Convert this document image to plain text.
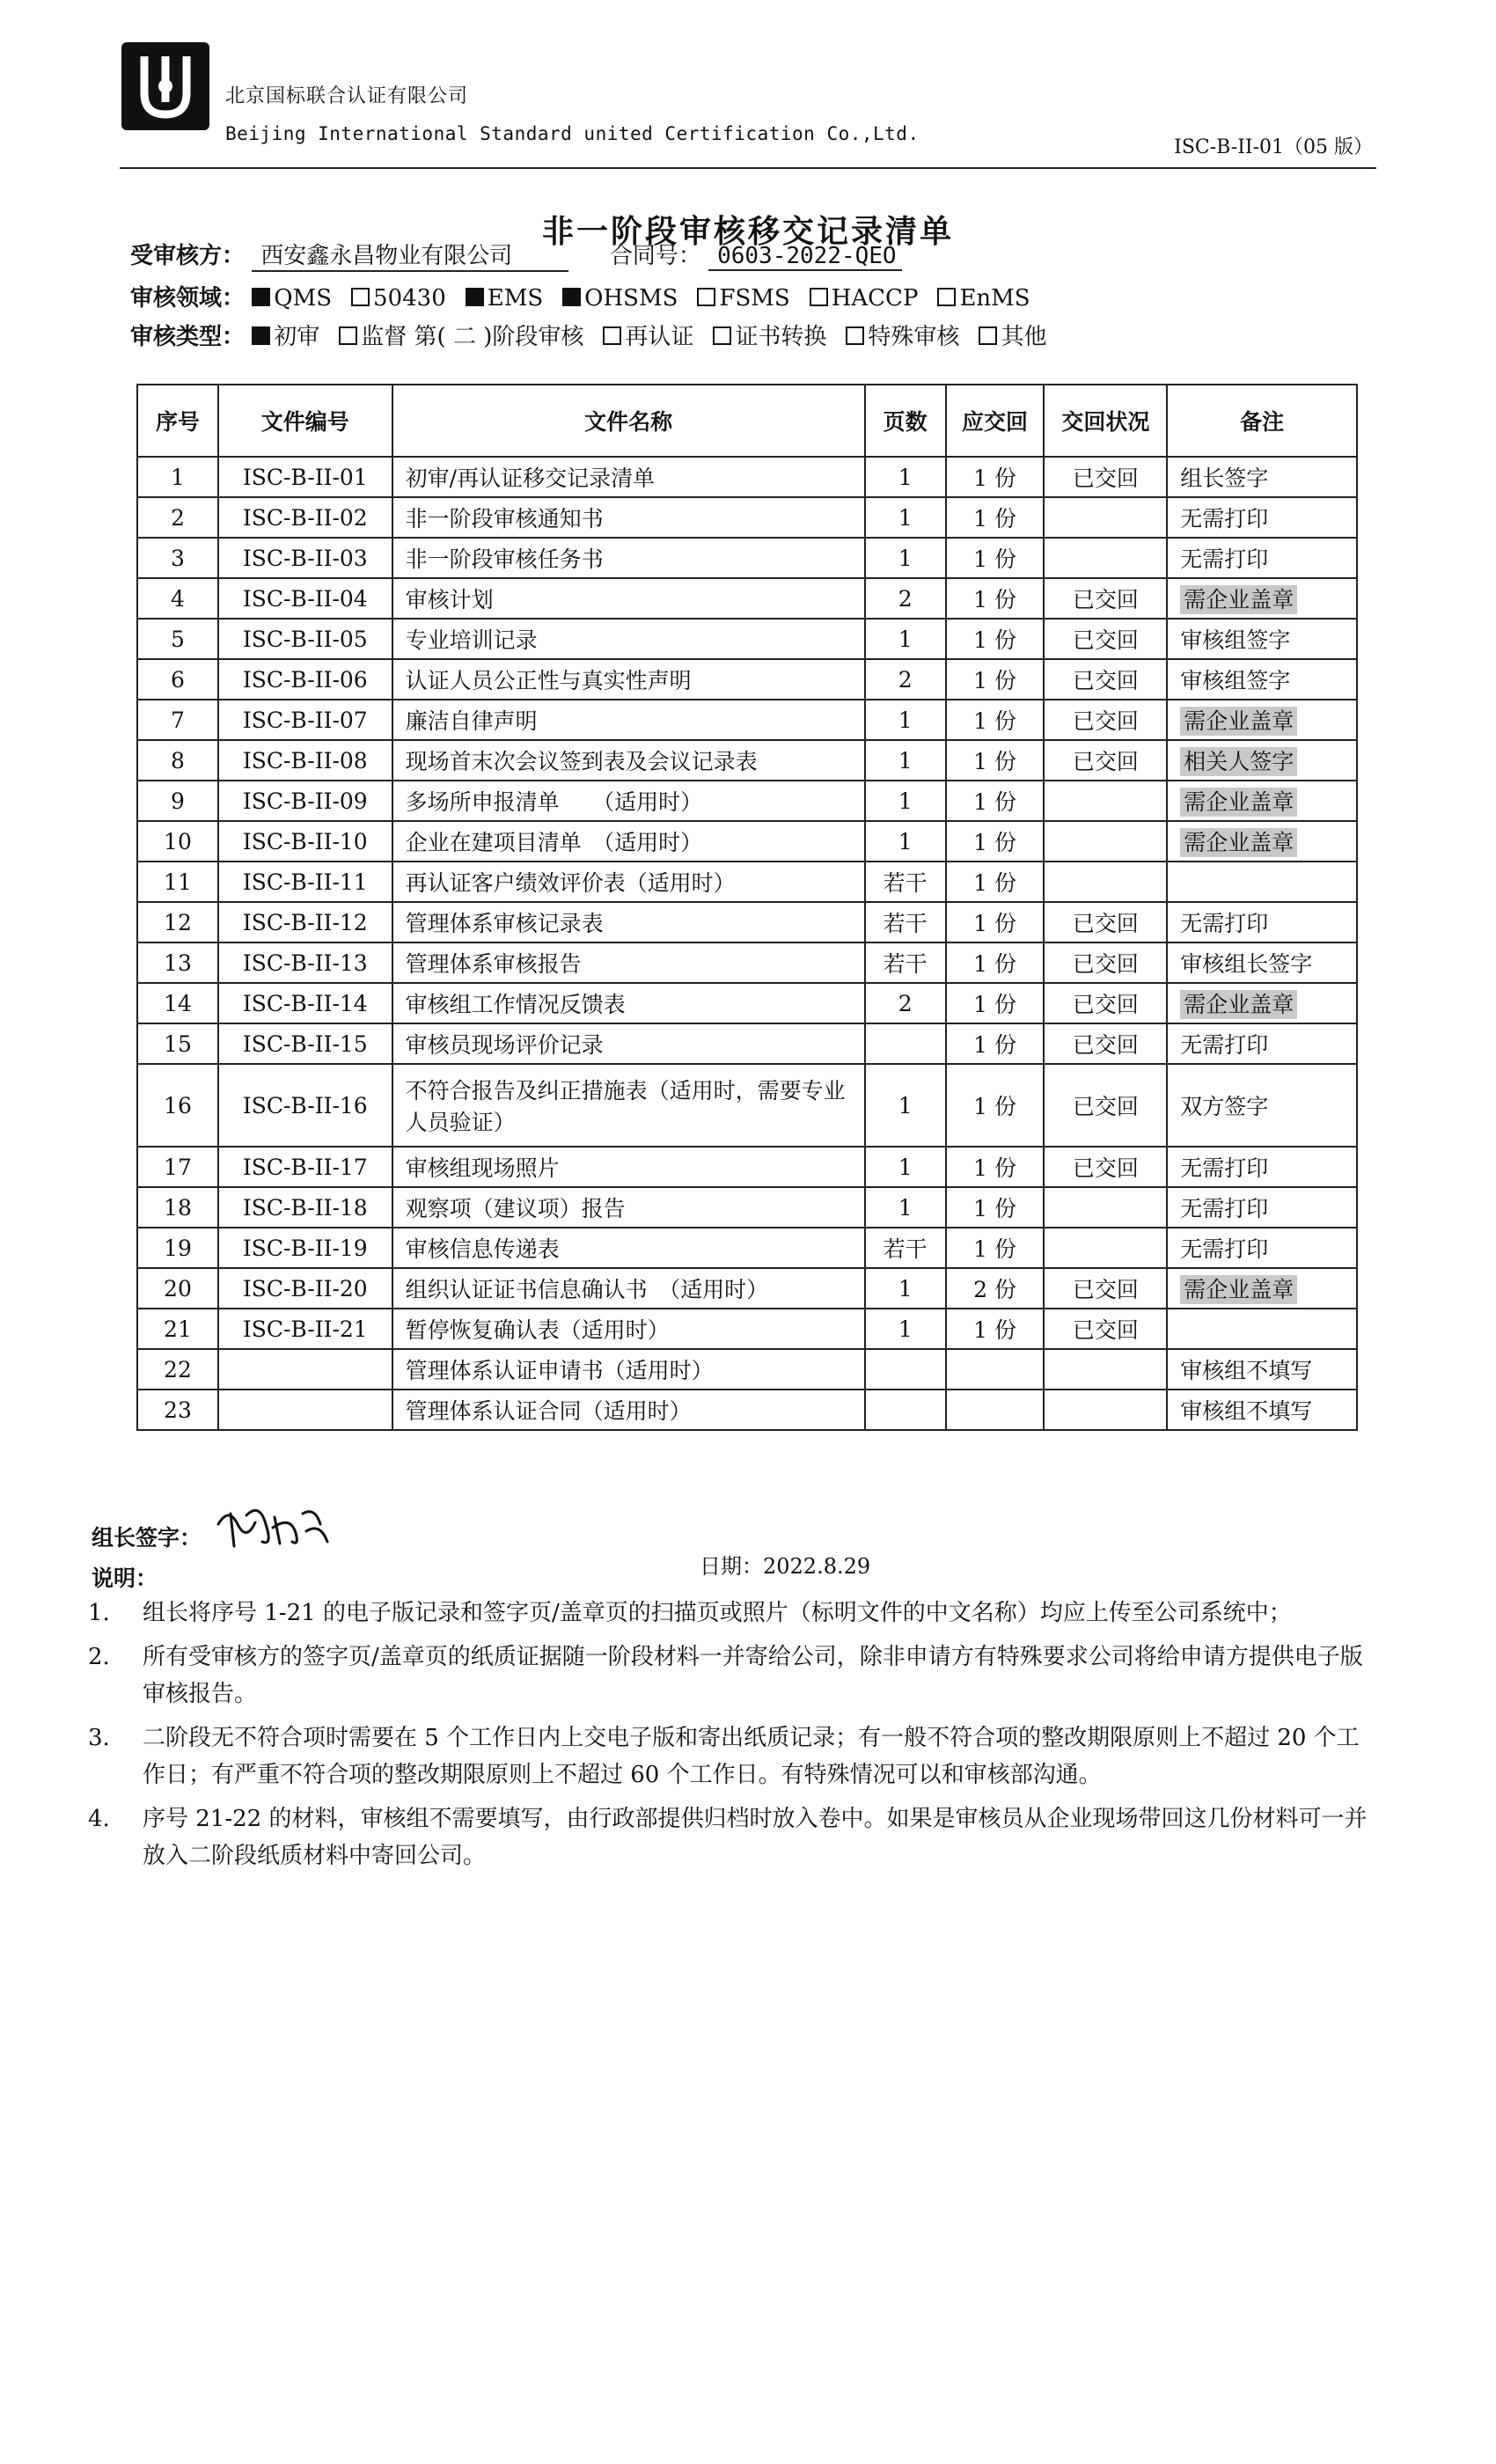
北京国标联合认证有限公司
Beijing International Standard united Certification Co.,Ltd.
ISC-B-II-01（05 版）
非一阶段审核移交记录清单
受审核方： 西安鑫永昌物业有限公司	合同号： 0603-2022-QEO
审核领域： QMS 50430 EMS OHSMS FSMS HACCP EnMS
审核类型： 初审 监督 第( 二 )阶段审核 再认证 证书转换 特殊审核 其他
序号	文件编号	文件名称	页数	应交回	交回状况	备注
1	ISC-B-II-01	初审/再认证移交记录清单	1	1 份	已交回	组长签字
2	ISC-B-II-02	非一阶段审核通知书	1	1 份		无需打印
3	ISC-B-II-03	非一阶段审核任务书	1	1 份		无需打印
4	ISC-B-II-04	审核计划	2	1 份	已交回	需企业盖章
5	ISC-B-II-05	专业培训记录	1	1 份	已交回	审核组签字
6	ISC-B-II-06	认证人员公正性与真实性声明	2	1 份	已交回	审核组签字
7	ISC-B-II-07	廉洁自律声明	1	1 份	已交回	需企业盖章
8	ISC-B-II-08	现场首末次会议签到表及会议记录表	1	1 份	已交回	相关人签字
9	ISC-B-II-09	多场所申报清单　　（适用时）	1	1 份		需企业盖章
10	ISC-B-II-10	企业在建项目清单　（适用时）	1	1 份		需企业盖章
11	ISC-B-II-11	再认证客户绩效评价表（适用时）	若干	1 份		
12	ISC-B-II-12	管理体系审核记录表	若干	1 份	已交回	无需打印
13	ISC-B-II-13	管理体系审核报告	若干	1 份	已交回	审核组长签字
14	ISC-B-II-14	审核组工作情况反馈表	2	1 份	已交回	需企业盖章
15	ISC-B-II-15	审核员现场评价记录		1 份	已交回	无需打印
16	ISC-B-II-16	不符合报告及纠正措施表（适用时，需要专业人员验证）	1	1 份	已交回	双方签字
17	ISC-B-II-17	审核组现场照片	1	1 份	已交回	无需打印
18	ISC-B-II-18	观察项（建议项）报告	1	1 份		无需打印
19	ISC-B-II-19	审核信息传递表	若干	1 份		无需打印
20	ISC-B-II-20	组织认证证书信息确认书　（适用时）	1	2 份	已交回	需企业盖章
21	ISC-B-II-21	暂停恢复确认表（适用时）	1	1 份	已交回	
22		管理体系认证申请书（适用时）				审核组不填写
23		管理体系认证合同（适用时）				审核组不填写
组长签字：
日期：2022.8.29
说明：
1. 组长将序号 1-21 的电子版记录和签字页/盖章页的扫描页或照片（标明文件的中文名称）均应上传至公司系统中；
2. 所有受审核方的签字页/盖章页的纸质证据随一阶段材料一并寄给公司，除非申请方有特殊要求公司将给申请方提供电子版审核报告。
3. 二阶段无不符合项时需要在 5 个工作日内上交电子版和寄出纸质记录；有一般不符合项的整改期限原则上不超过 20 个工作日；有严重不符合项的整改期限原则上不超过 60 个工作日。有特殊情况可以和审核部沟通。
4. 序号 21-22 的材料，审核组不需要填写，由行政部提供归档时放入卷中。如果是审核员从企业现场带回这几份材料可一并放入二阶段纸质材料中寄回公司。
